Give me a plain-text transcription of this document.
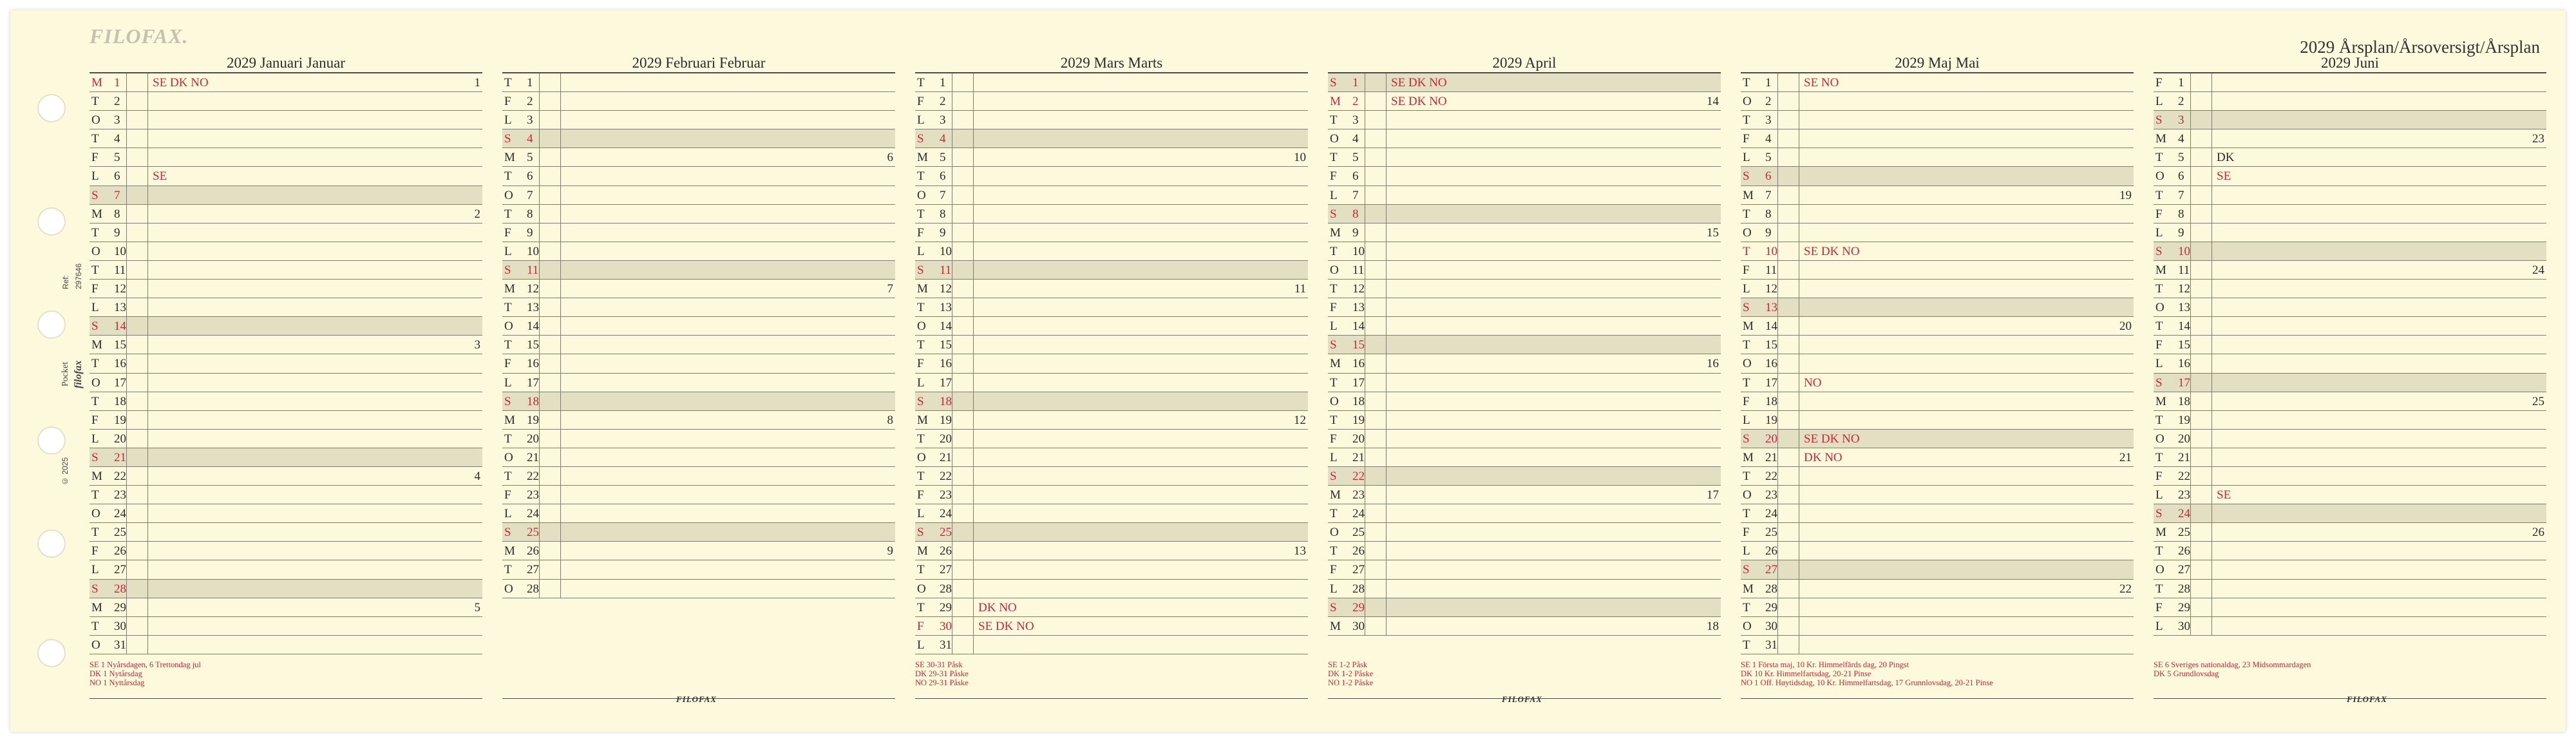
Ref: 297646
Pocket filofax
© 2025
FILOFAX.	2029 Årsplan/Årsoversigt/Årsplan
2029 Januari Januar
M 1	SE DK NO	1
T 2
O 3
T 4
F 5
L 6	SE
S 7
M 8	2
T 9
O 10
T 11
F 12
L 13
S 14
M 15	3
T 16
O 17
T 18
F 19
L 20
S 21
M 22	4
T 23
O 24
T 25
F 26
L 27
S 28
M 29	5
T 30
O 31
SE 1 Nyårsdagen, 6 Trettondag jul
DK 1 Nytårsdag
NO 1 Nyttårsdag
2029 Februari Februar
T 1
F 2
L 3
S 4
M 5	6
T 6
O 7
T 8
F 9
L 10
S 11
M 12	7
T 13
O 14
T 15
F 16
L 17
S 18
M 19	8
T 20
O 21
T 22
F 23
L 24
S 25
M 26	9
T 27
O 28
FILOFAX
2029 Mars Marts
T 1
F 2
L 3
S 4
M 5	10
T 6
O 7
T 8
F 9
L 10
S 11
M 12	11
T 13
O 14
T 15
F 16
L 17
S 18
M 19	12
T 20
O 21
T 22
F 23
L 24
S 25
M 26	13
T 27
O 28
T 29 DK NO
F 30 SE DK NO
L 31
SE 30-31 Påsk
DK 29-31 Påske
NO 29-31 Påske
2029 April
S 1	SE DK NO
M 2	SE DK NO	14
T 3
O 4
T 5
F 6
L 7
S 8
M 9	15
T 10
O 11
T 12
F 13
L 14
S 15
M 16	16
T 17
O 18
T 19
F 20
L 21
S 22
M 23	17
T 24
O 25
T 26
F 27
L 28
S 29
M 30	18
SE 1-2 Påsk
DK 1-2 Påske
NO 1-2 Påske
FILOFAX
2029 Maj Mai
T 1	SE NO
O 2
T 3
F 4
L 5
S 6
M 7	19
T 8
O 9
T 10 SE DK NO
F 11
L 12
S 13
M 14	20
T 15
O 16
T 17 NO
F 18
L 19
S 20 SE DK NO
M 21 DK NO	21
T 22
O 23
T 24
F 25
L 26
S 27
M 28	22
T 29
O 30
T 31
SE 1 Första maj, 10 Kr. Himmelfärds dag, 20 Pingst
DK 10 Kr. Himmelfartsdag, 20-21 Pinse
NO 1 Off. Høytidsdag, 10 Kr. Himmelfartsdag, 17 Grunnlovsdag, 20-21 Pinse
2029 Juni
F 1
L 2
S 3
M 4	23
T 5	DK
O 6	SE
T 7
F 8
L 9
S 10
M 11	24
T 12
O 13
T 14
F 15
L 16
S 17
M 18	25
T 19
O 20
T 21
F 22
L 23 SE
S 24
M 25	26
T 26
O 27
T 28
F 29
L 30
SE 6 Sveriges nationaldag, 23 Midsommardagen
DK 5 Grundlovsdag
FILOFAX
